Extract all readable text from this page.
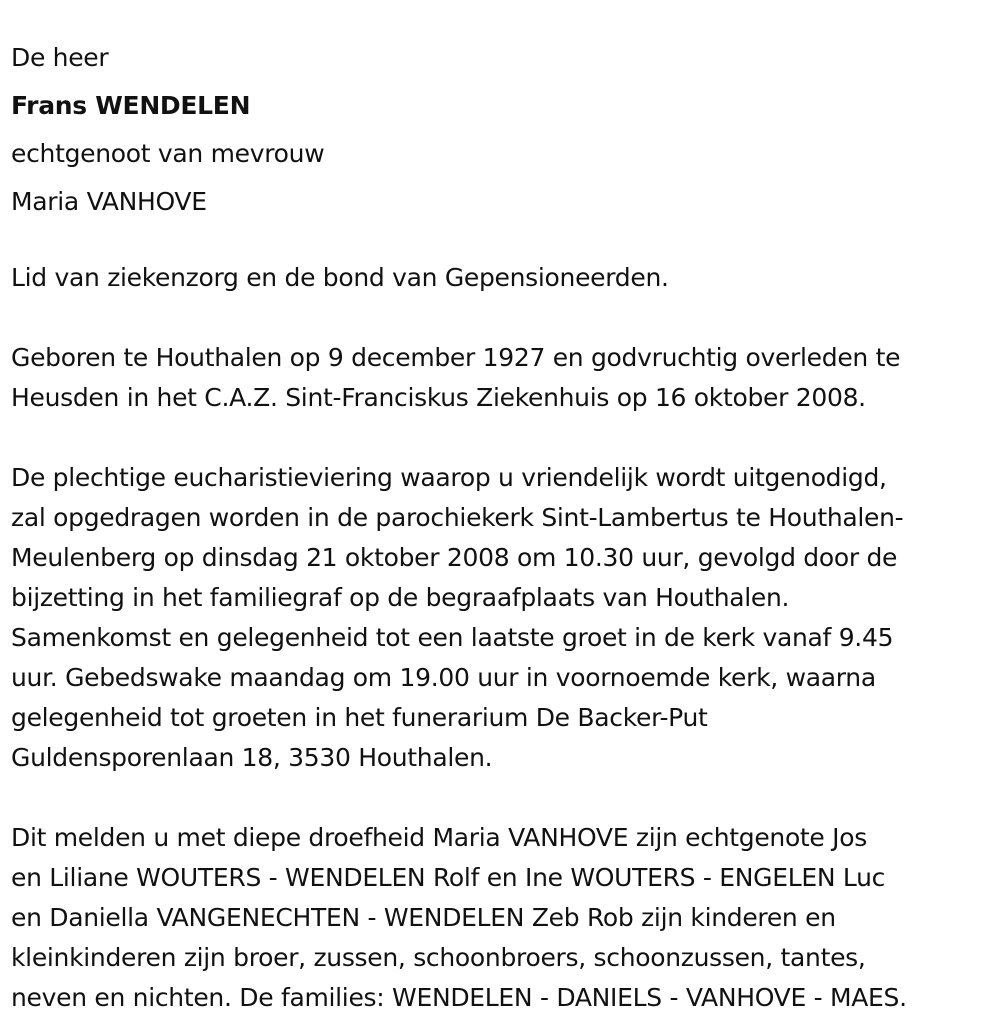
De heer

Frans WENDELEN

echtgenoot van mevrouw

Maria VANHOVE

Lid van ziekenzorg en de bond van Gepensioneerden.

Geboren te Houthalen op 9 december 1927 en godvruchtig overleden te

Heusden in het C.A.Z. Sint-Franciskus Ziekenhuis op 16 oktober 2008.

De plechtige eucharistieviering waarop u vriendelijk wordt uitgenodigd,

zal opgedragen worden in de parochiekerk Sint-Lambertus te Houthalen-

Meulenberg op dinsdag 21 oktober 2008 om 10.30 uur, gevolgd door de

bijzetting in het familiegraf op de begraafplaats van Houthalen.

Samenkomst en gelegenheid tot een laatste groet in de kerk vanaf 9.45

uur. Gebedswake maandag om 19.00 uur in voornoemde kerk, waarna

gelegenheid tot groeten in het funerarium De Backer-Put

Guldensporenlaan 18, 3530 Houthalen.

Dit melden u met diepe droefheid Maria VANHOVE zijn echtgenote Jos

en Liliane WOUTERS - WENDELEN Rolf en Ine WOUTERS - ENGELEN Luc

en Daniella VANGENECHTEN - WENDELEN Zeb Rob zijn kinderen en

kleinkinderen zijn broer, zussen, schoonbroers, schoonzussen, tantes,

neven en nichten. De families: WENDELEN - DANIELS - VANHOVE - MAES.
